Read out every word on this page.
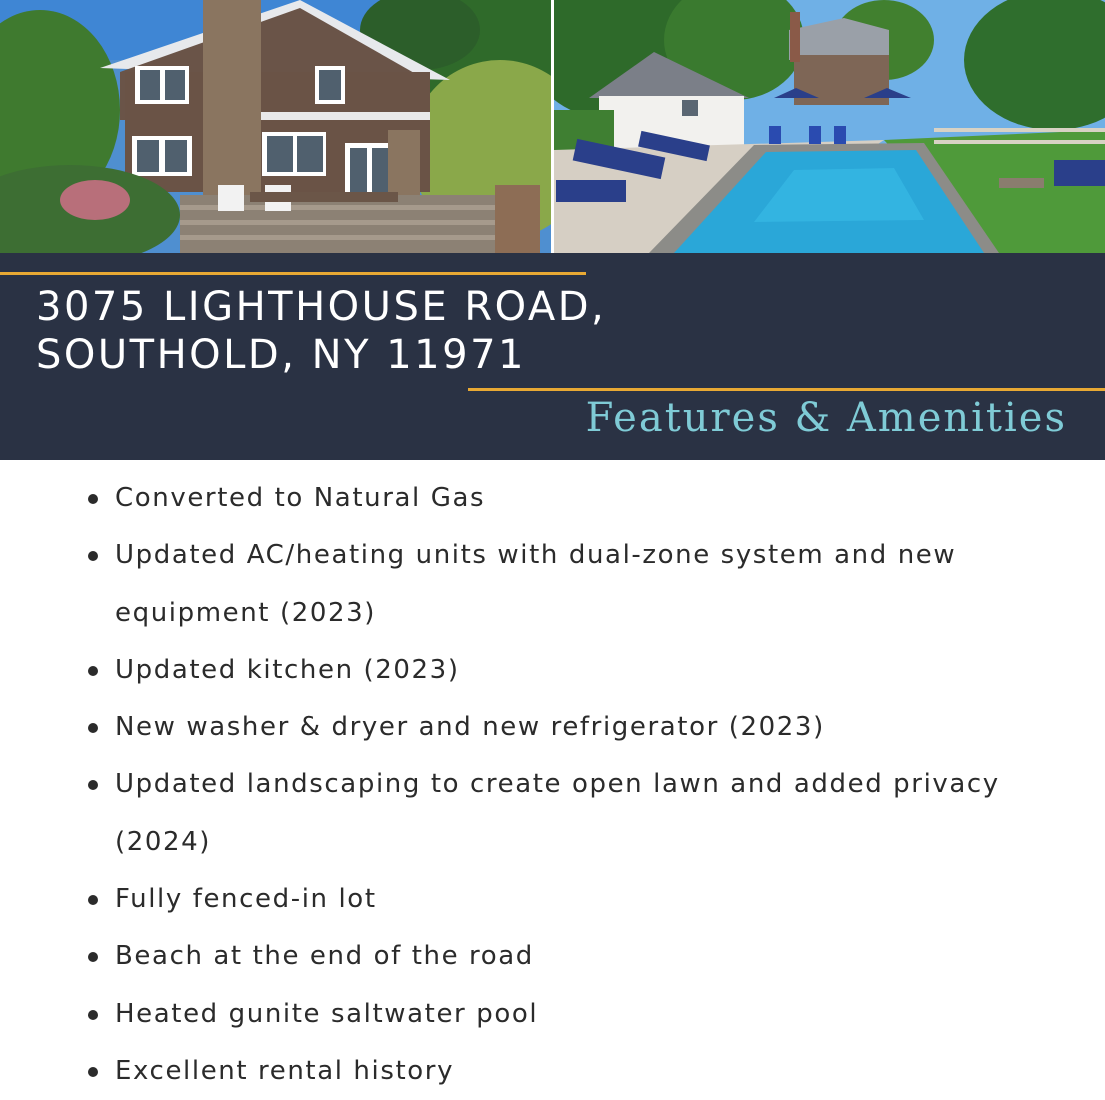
3075 LIGHTHOUSE ROAD,
SOUTHOLD, NY 11971
Features & Amenities
Converted to Natural Gas
Updated AC/heating units with dual-zone system and new equipment (2023)
Updated kitchen (2023)
New washer & dryer and new refrigerator (2023)
Updated landscaping to create open lawn and added privacy (2024)
Fully fenced-in lot
Beach at the end of the road
Heated gunite saltwater pool
Excellent rental history
